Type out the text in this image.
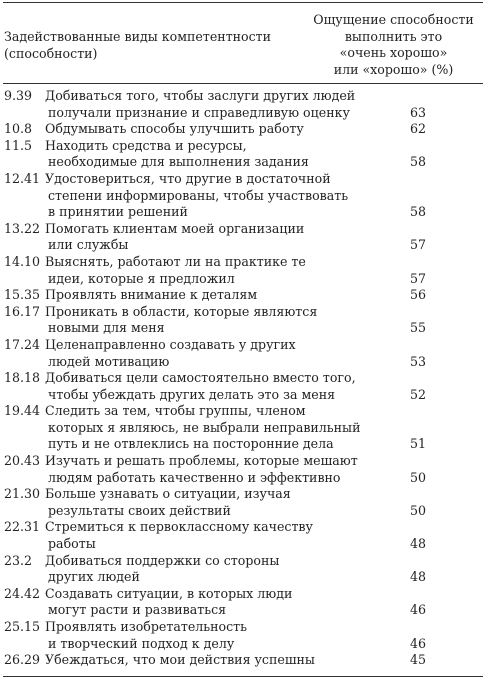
Задействованные виды компетентности
(способности)
Ощущение способности
выполнить это
«очень хорошо»
или «хорошо» (%)
9.39	Добиваться того, чтобы заслуги других людей
получали признание и справедливую оценку	63
10.8	Обдумывать способы улучшить работу	62
11.5	Находить средства и ресурсы,
необходимые для выполнения задания	58
12.41 Удостовериться, что другие в достаточной
степени информированы, чтобы участвовать
в принятии решений	58
13.22 Помогать клиентам моей организации
или службы	57
14.10 Выяснять, работают ли на практике те
идеи, которые я предложил	57
15.35 Проявлять внимание к деталям	56
16.17 Проникать в области, которые являются
новыми для меня	55
17.24 Целенаправленно создавать у других
людей мотивацию	53
18.18 Добиваться цели самостоятельно вместо того,
чтобы убеждать других делать это за меня	52
19.44 Следить за тем, чтобы группы, членом
которых я являюсь, не выбрали неправильный
путь и не отвлеклись на посторонние дела	51
20.43 Изучать и решать проблемы, которые мешают
людям работать качественно и эффективно	50
21.30 Больше узнавать о ситуации, изучая
результаты своих действий	50
22.31 Стремиться к первоклассному качеству
работы	48
23.2	Добиваться поддержки со стороны
других людей	48
24.42 Создавать ситуации, в которых люди
могут расти и развиваться	46
25.15 Проявлять изобретательность
и творческий подход к делу	46
26.29 Убеждаться, что мои действия успешны	45
